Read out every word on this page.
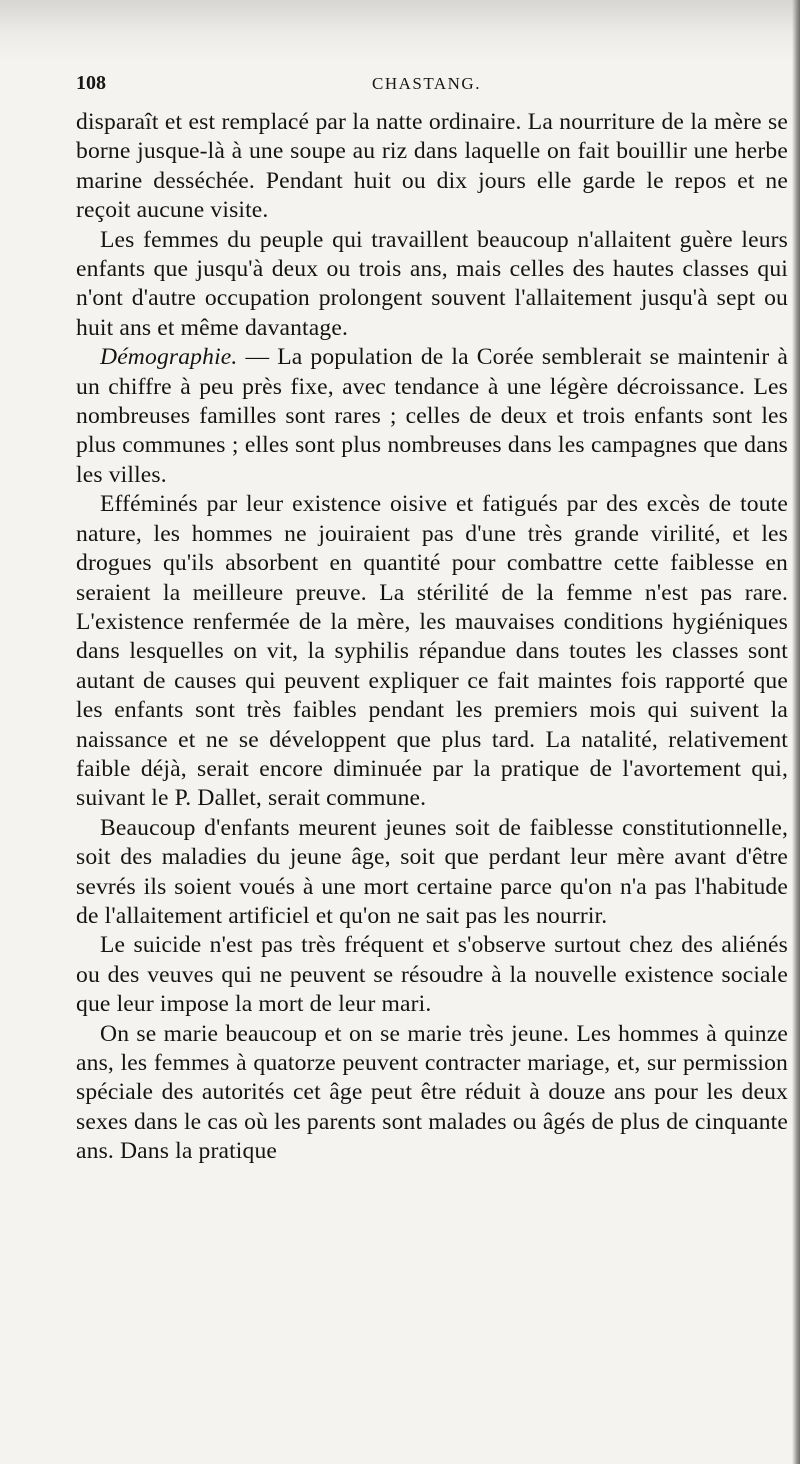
108	CHASTANG.

disparaît et est remplacé par la natte ordinaire. La nourriture de la mère se borne jusque-là à une soupe au riz dans laquelle on fait bouillir une herbe marine desséchée. Pendant huit ou dix jours elle garde le repos et ne reçoit aucune visite.

Les femmes du peuple qui travaillent beaucoup n'allaitent guère leurs enfants que jusqu'à deux ou trois ans, mais celles des hautes classes qui n'ont d'autre occupation prolongent souvent l'allaitement jusqu'à sept ou huit ans et même davantage.

Démographie. — La population de la Corée semblerait se maintenir à un chiffre à peu près fixe, avec tendance à une légère décroissance. Les nombreuses familles sont rares ; celles de deux et trois enfants sont les plus communes ; elles sont plus nombreuses dans les campagnes que dans les villes.

Efféminés par leur existence oisive et fatigués par des excès de toute nature, les hommes ne jouiraient pas d'une très grande virilité, et les drogues qu'ils absorbent en quantité pour combattre cette faiblesse en seraient la meilleure preuve. La stérilité de la femme n'est pas rare. L'existence renfermée de la mère, les mauvaises conditions hygiéniques dans lesquelles on vit, la syphilis répandue dans toutes les classes sont autant de causes qui peuvent expliquer ce fait maintes fois rapporté que les enfants sont très faibles pendant les premiers mois qui suivent la naissance et ne se développent que plus tard. La natalité, relativement faible déjà, serait encore diminuée par la pratique de l'avortement qui, suivant le P. Dallet, serait commune.

Beaucoup d'enfants meurent jeunes soit de faiblesse constitutionnelle, soit des maladies du jeune âge, soit que perdant leur mère avant d'être sevrés ils soient voués à une mort certaine parce qu'on n'a pas l'habitude de l'allaitement artificiel et qu'on ne sait pas les nourrir.

Le suicide n'est pas très fréquent et s'observe surtout chez des aliénés ou des veuves qui ne peuvent se résoudre à la nouvelle existence sociale que leur impose la mort de leur mari.

On se marie beaucoup et on se marie très jeune. Les hommes à quinze ans, les femmes à quatorze peuvent contracter mariage, et, sur permission spéciale des autorités cet âge peut être réduit à douze ans pour les deux sexes dans le cas où les parents sont malades ou âgés de plus de cinquante ans. Dans la pratique
